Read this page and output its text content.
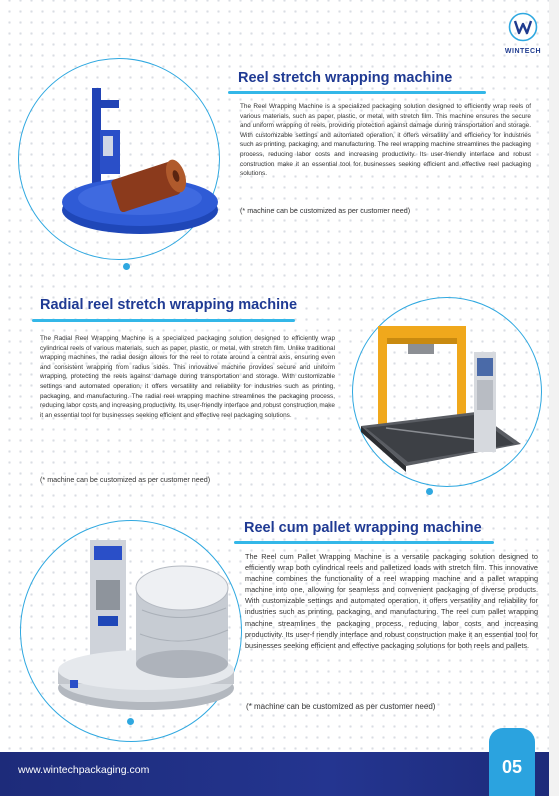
WINTECH
Reel stretch wrapping machine

The Reel Wrapping Machine is a specialized packaging solution designed to efficiently wrap reels of various materials, such as paper, plastic, or metal, with stretch film. This machine ensures the secure and uniform wrapping of reels, providing protection against damage during transportation and storage. With customizable settings and automated operation, it offers versatility and efficiency for industries such as printing, packaging, and manufacturing. The reel wrapping machine streamlines the packaging process, reducing labor costs and increasing productivity. Its user-friendly interface and robust construction make it an essential tool for businesses seeking efficient and effective reel packaging solutions.

(* machine can be customized as per customer need)
Radial reel stretch wrapping machine

The Radial Reel Wrapping Machine is a specialized packaging solution designed to efficiently wrap cylindrical reels of various materials, such as paper, plastic, or metal, with stretch film. Unlike traditional wrapping machines, the radial design allows for the reel to rotate around a central axis, ensuring even and consistent wrapping from radius sides. This innovative machine provides secure and uniform wrapping, protecting the reels against damage during transportation and storage. With customizable settings and automated operation, it offers versatility and reliability for industries such as printing, packaging, and manufacturing. The radial reel wrapping machine streamlines the packaging process, reducing labor costs and increasing productivity. Its user-friendly interface and robust construction make it an essential tool for businesses seeking efficient and effective reel packaging solutions.

(* machine can be customized as per customer need)
Reel cum pallet wrapping machine

The Reel cum Pallet Wrapping Machine is a versatile packaging solution designed to efficiently wrap both cylindrical reels and palletized loads with stretch film. This innovative machine combines the functionality of a reel wrapping machine and a pallet wrapping machine into one, allowing for seamless and convenient packaging of diverse products. With customizable settings and automated operation, it offers versatility and reliability for industries such as printing, packaging, and manufacturing. The reel cum pallet wrapping machine streamlines the packaging process, reducing labor costs and increasing productivity. Its user-f riendly interface and robust construction make it an essential tool for businesses seeking efficient and effective packaging solutions for both reels and pallets.

(* machine can be customized as per customer need)
www.wintechpackaging.com	05
